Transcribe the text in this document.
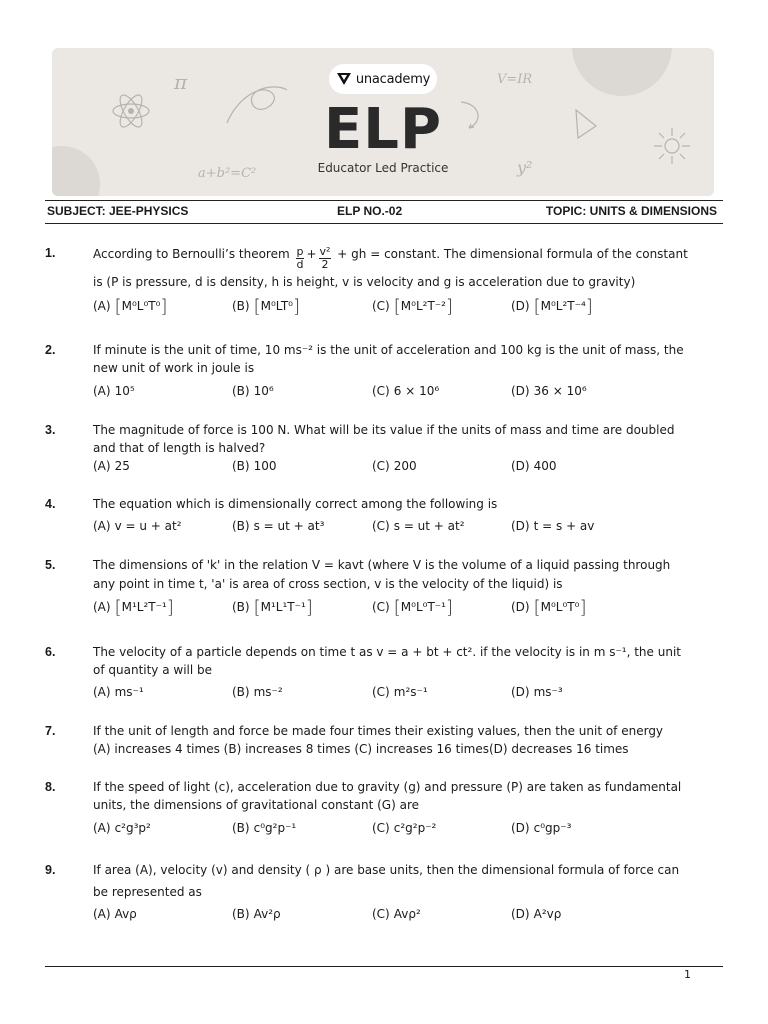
π	V=IR
a+b²=C²	y²
unacademy
ELP
Educator Led Practice
SUBJECT: JEE-PHYSICS	ELP NO.-02	TOPIC: UNITS & DIMENSIONS
1.	According to Bernoulli’s theorem $\frac{p}{d} + \frac{\text{v²}}{2}$ + gh = constant. The dimensional formula of the constant
is (P is pressure, d is density, h is height, v is velocity and g is acceleration due to gravity)
(A) [M⁰L⁰T⁰]	(B) [M⁰LT⁰]	(C) [M⁰L²T⁻²]	(D) [M⁰L²T⁻⁴]
2.	If minute is the unit of time, 10 ms⁻² is the unit of acceleration and 100 kg is the unit of mass, the
new unit of work in joule is
(A) 10⁵	(B) 10⁶	(C) 6 × 10⁶	(D) 36 × 10⁶
3.	The magnitude of force is 100 N. What will be its value if the units of mass and time are doubled
and that of length is halved?
(A) 25	(B) 100	(C) 200	(D) 400
4.	The equation which is dimensionally correct among the following is
(A) v = u + at²	(B) s = ut + at³	(C) s = ut + at²	(D) t = s + av
5.	The dimensions of 'k' in the relation V = kavt (where V is the volume of a liquid passing through
any point in time t, 'a' is area of cross section, v is the velocity of the liquid) is
(A) [M¹L²T⁻¹]	(B) [M¹L¹T⁻¹]	(C) [M⁰L⁰T⁻¹]	(D) [M⁰L⁰T⁰]
6.	The velocity of a particle depends on time t as v = a + bt + ct². if the velocity is in m s⁻¹, the unit
of quantity a will be
(A) ms⁻¹	(B) ms⁻²	(C) m²s⁻¹	(D) ms⁻³
7.	If the unit of length and force be made four times their existing values, then the unit of energy
(A) increases 4 times (B) increases 8 times (C) increases 16 times(D) decreases 16 times
8.	If the speed of light (c), acceleration due to gravity (g) and pressure (P) are taken as fundamental
units, the dimensions of gravitational constant (G) are
(A) c²g³p²	(B) c⁰g²p⁻¹	(C) c²g²p⁻²	(D) c⁰gp⁻³
9.	If area (A), velocity (v) and density ( ρ ) are base units, then the dimensional formula of force can
be represented as
(A) Avρ	(B) Av²ρ	(C) Avρ²	(D) A²vρ
1
